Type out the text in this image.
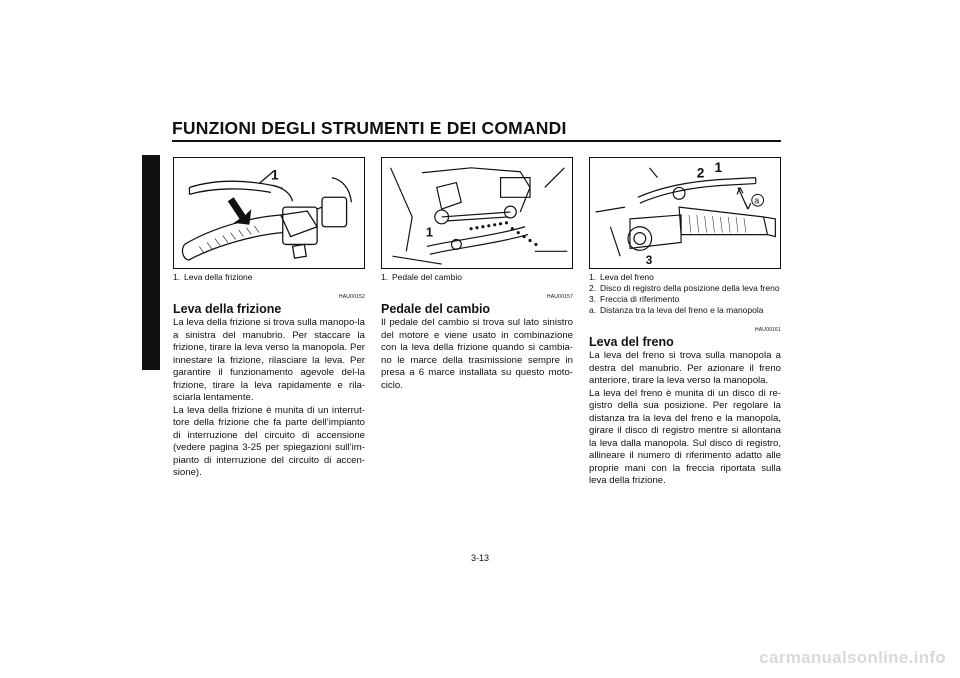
FUNZIONI DEGLI STRUMENTI E DEI COMANDI
3
1
1
2 1
a
3
1. Leva della frizione
HAU00152
Leva della frizione

La leva della frizione si trova sulla manopo-la a sinistra del manubrio. Per staccare la frizione, tirare la leva verso la manopola. Per innestare la frizione, rilasciare la leva. Per garantire il funzionamento agevole del-la frizione, tirare la leva rapidamente e rila-sciarla lentamente.

La leva della frizione è munita di un interrut-tore della frizione che fa parte dell’impianto di interruzione del circuito di accensione (vedere pagina 3-25 per spiegazioni sull’im-pianto di interruzione del circuito di accen-sione).

1. Pedale del cambio
HAU00157
Pedale del cambio

Il pedale del cambio si trova sul lato sinistro del motore e viene usato in combinazione con la leva della frizione quando si cambia-no le marce della trasmissione sempre in presa a 6 marce installata su questo moto-ciclo.

1. Leva del freno
2. Disco di registro della posizione della leva freno
3. Freccia di riferimento
a. Distanza tra la leva del freno e la manopola
HAU00161
Leva del freno

La leva del freno si trova sulla manopola a destra del manubrio. Per azionare il freno anteriore, tirare la leva verso la manopola.

La leva del freno è munita di un disco di re-gistro della sua posizione. Per regolare la distanza tra la leva del freno e la manopola, girare il disco di registro mentre si allontana la leva dalla manopola. Sul disco di registro, allineare il numero di riferimento adatto alle proprie mani con la freccia riportata sulla leva della frizione.

3-13
carmanualsonline.info
